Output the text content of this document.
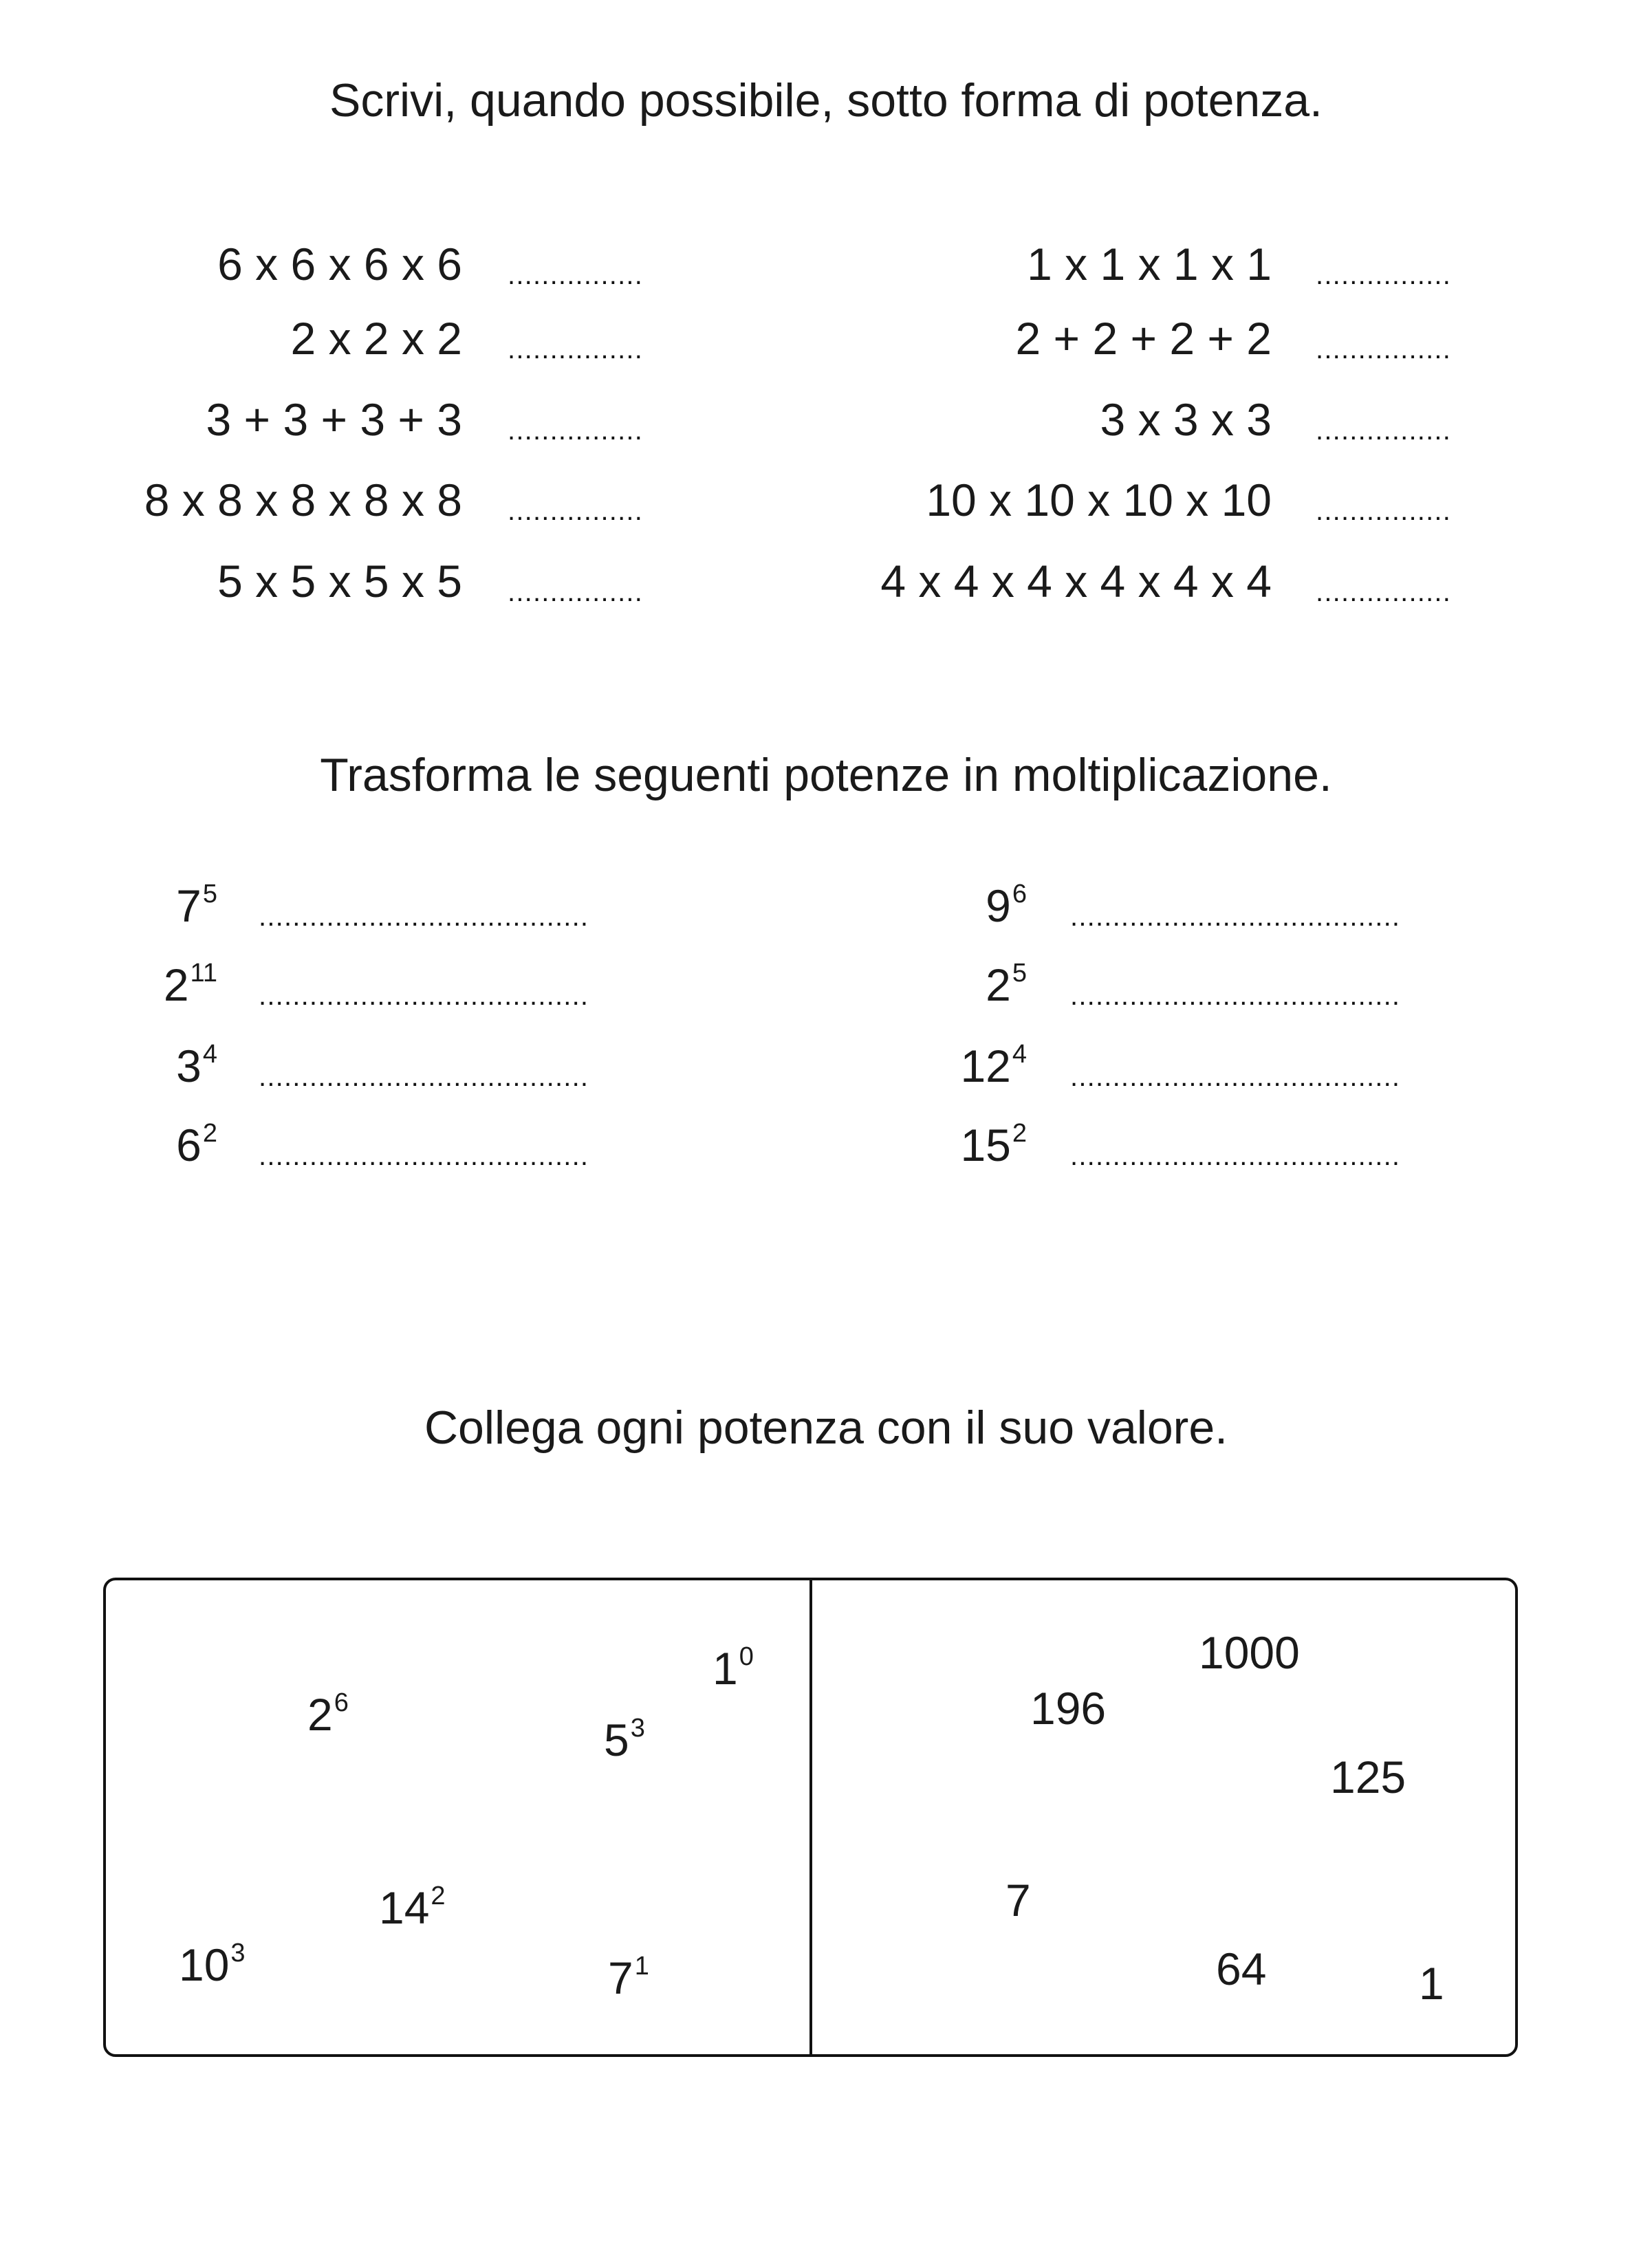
Scrivi, quando possibile, sotto forma di potenza.
6 x 6 x 6 x 6 ................
2 x 2 x 2 ................
3 + 3 + 3 + 3 ................
8 x 8 x 8 x 8 x 8 ................
5 x 5 x 5 x 5 ................
1 x 1 x 1 x 1 ................
2 + 2 + 2 + 2 ................
3 x 3 x 3 ................
10 x 10 x 10 x 10 ................
4 x 4 x 4 x 4 x 4 x 4 ................
Trasforma le seguenti potenze in moltiplicazione.
$7^5$
.......................................
$2^{11}$
.......................................
$3^4$
.......................................
$6^2$
.......................................
$9^6$
.......................................
$2^5$
.......................................
$12^4$
.......................................
$15^2$
.......................................
Collega ogni potenza con il suo valore.
$2^6$
$1^0$
$5^3$
$14^2$
$10^3$	$7^1$
1000
196
125
7
64	1
